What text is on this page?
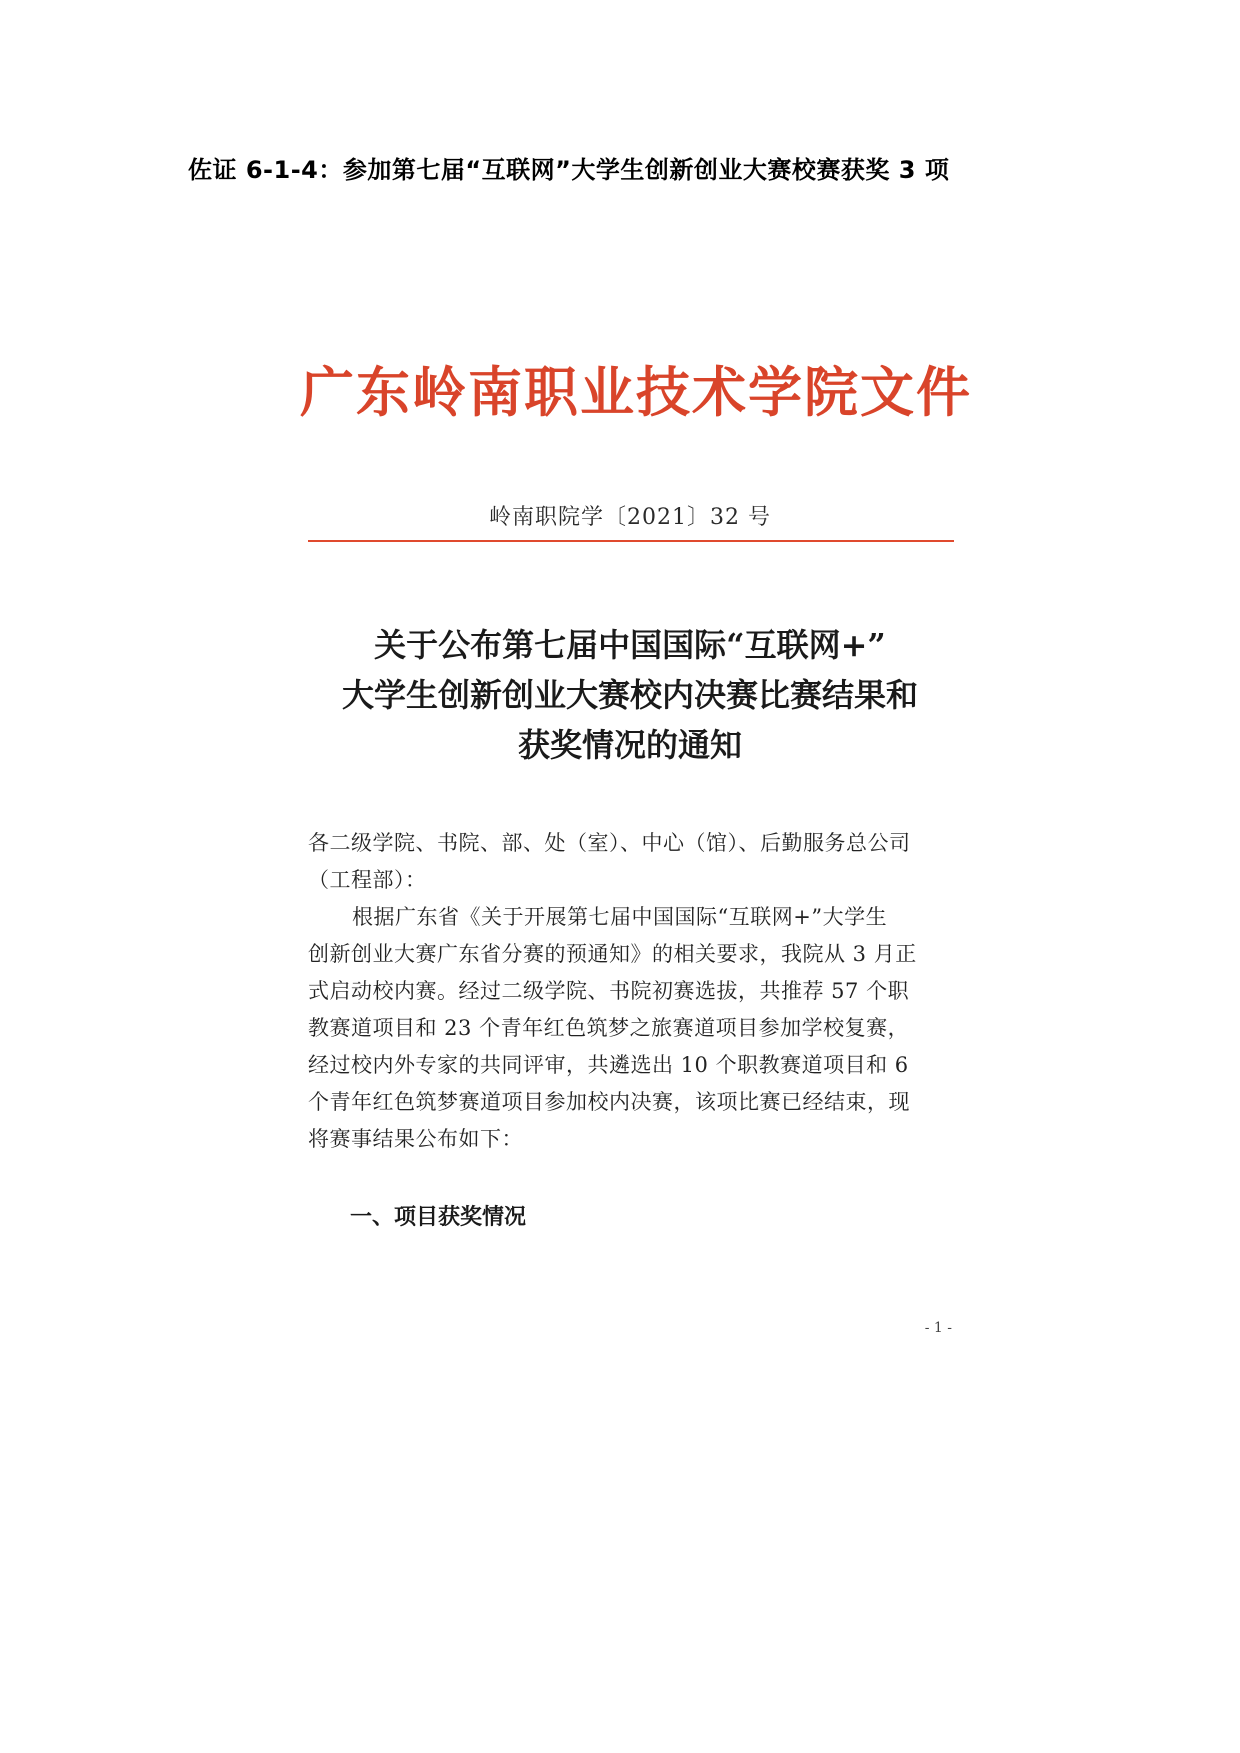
佐证 6-1-4：参加第七届“互联网”大学生创新创业大赛校赛获奖 3 项
广东岭南职业技术学院文件
岭南职院学〔2021〕32 号
关于公布第七届中国国际“互联网+”
大学生创新创业大赛校内决赛比赛结果和
获奖情况的通知
各二级学院、书院、部、处（室）、中心（馆）、后勤服务总公司
（工程部）：
根据广东省《关于开展第七届中国国际“互联网+”大学生
创新创业大赛广东省分赛的预通知》的相关要求，我院从 3 月正
式启动校内赛。经过二级学院、书院初赛选拔，共推荐 57 个职
教赛道项目和 23 个青年红色筑梦之旅赛道项目参加学校复赛，
经过校内外专家的共同评审，共遴选出 10 个职教赛道项目和 6
个青年红色筑梦赛道项目参加校内决赛，该项比赛已经结束，现
将赛事结果公布如下：
一、项目获奖情况
- 1 -
